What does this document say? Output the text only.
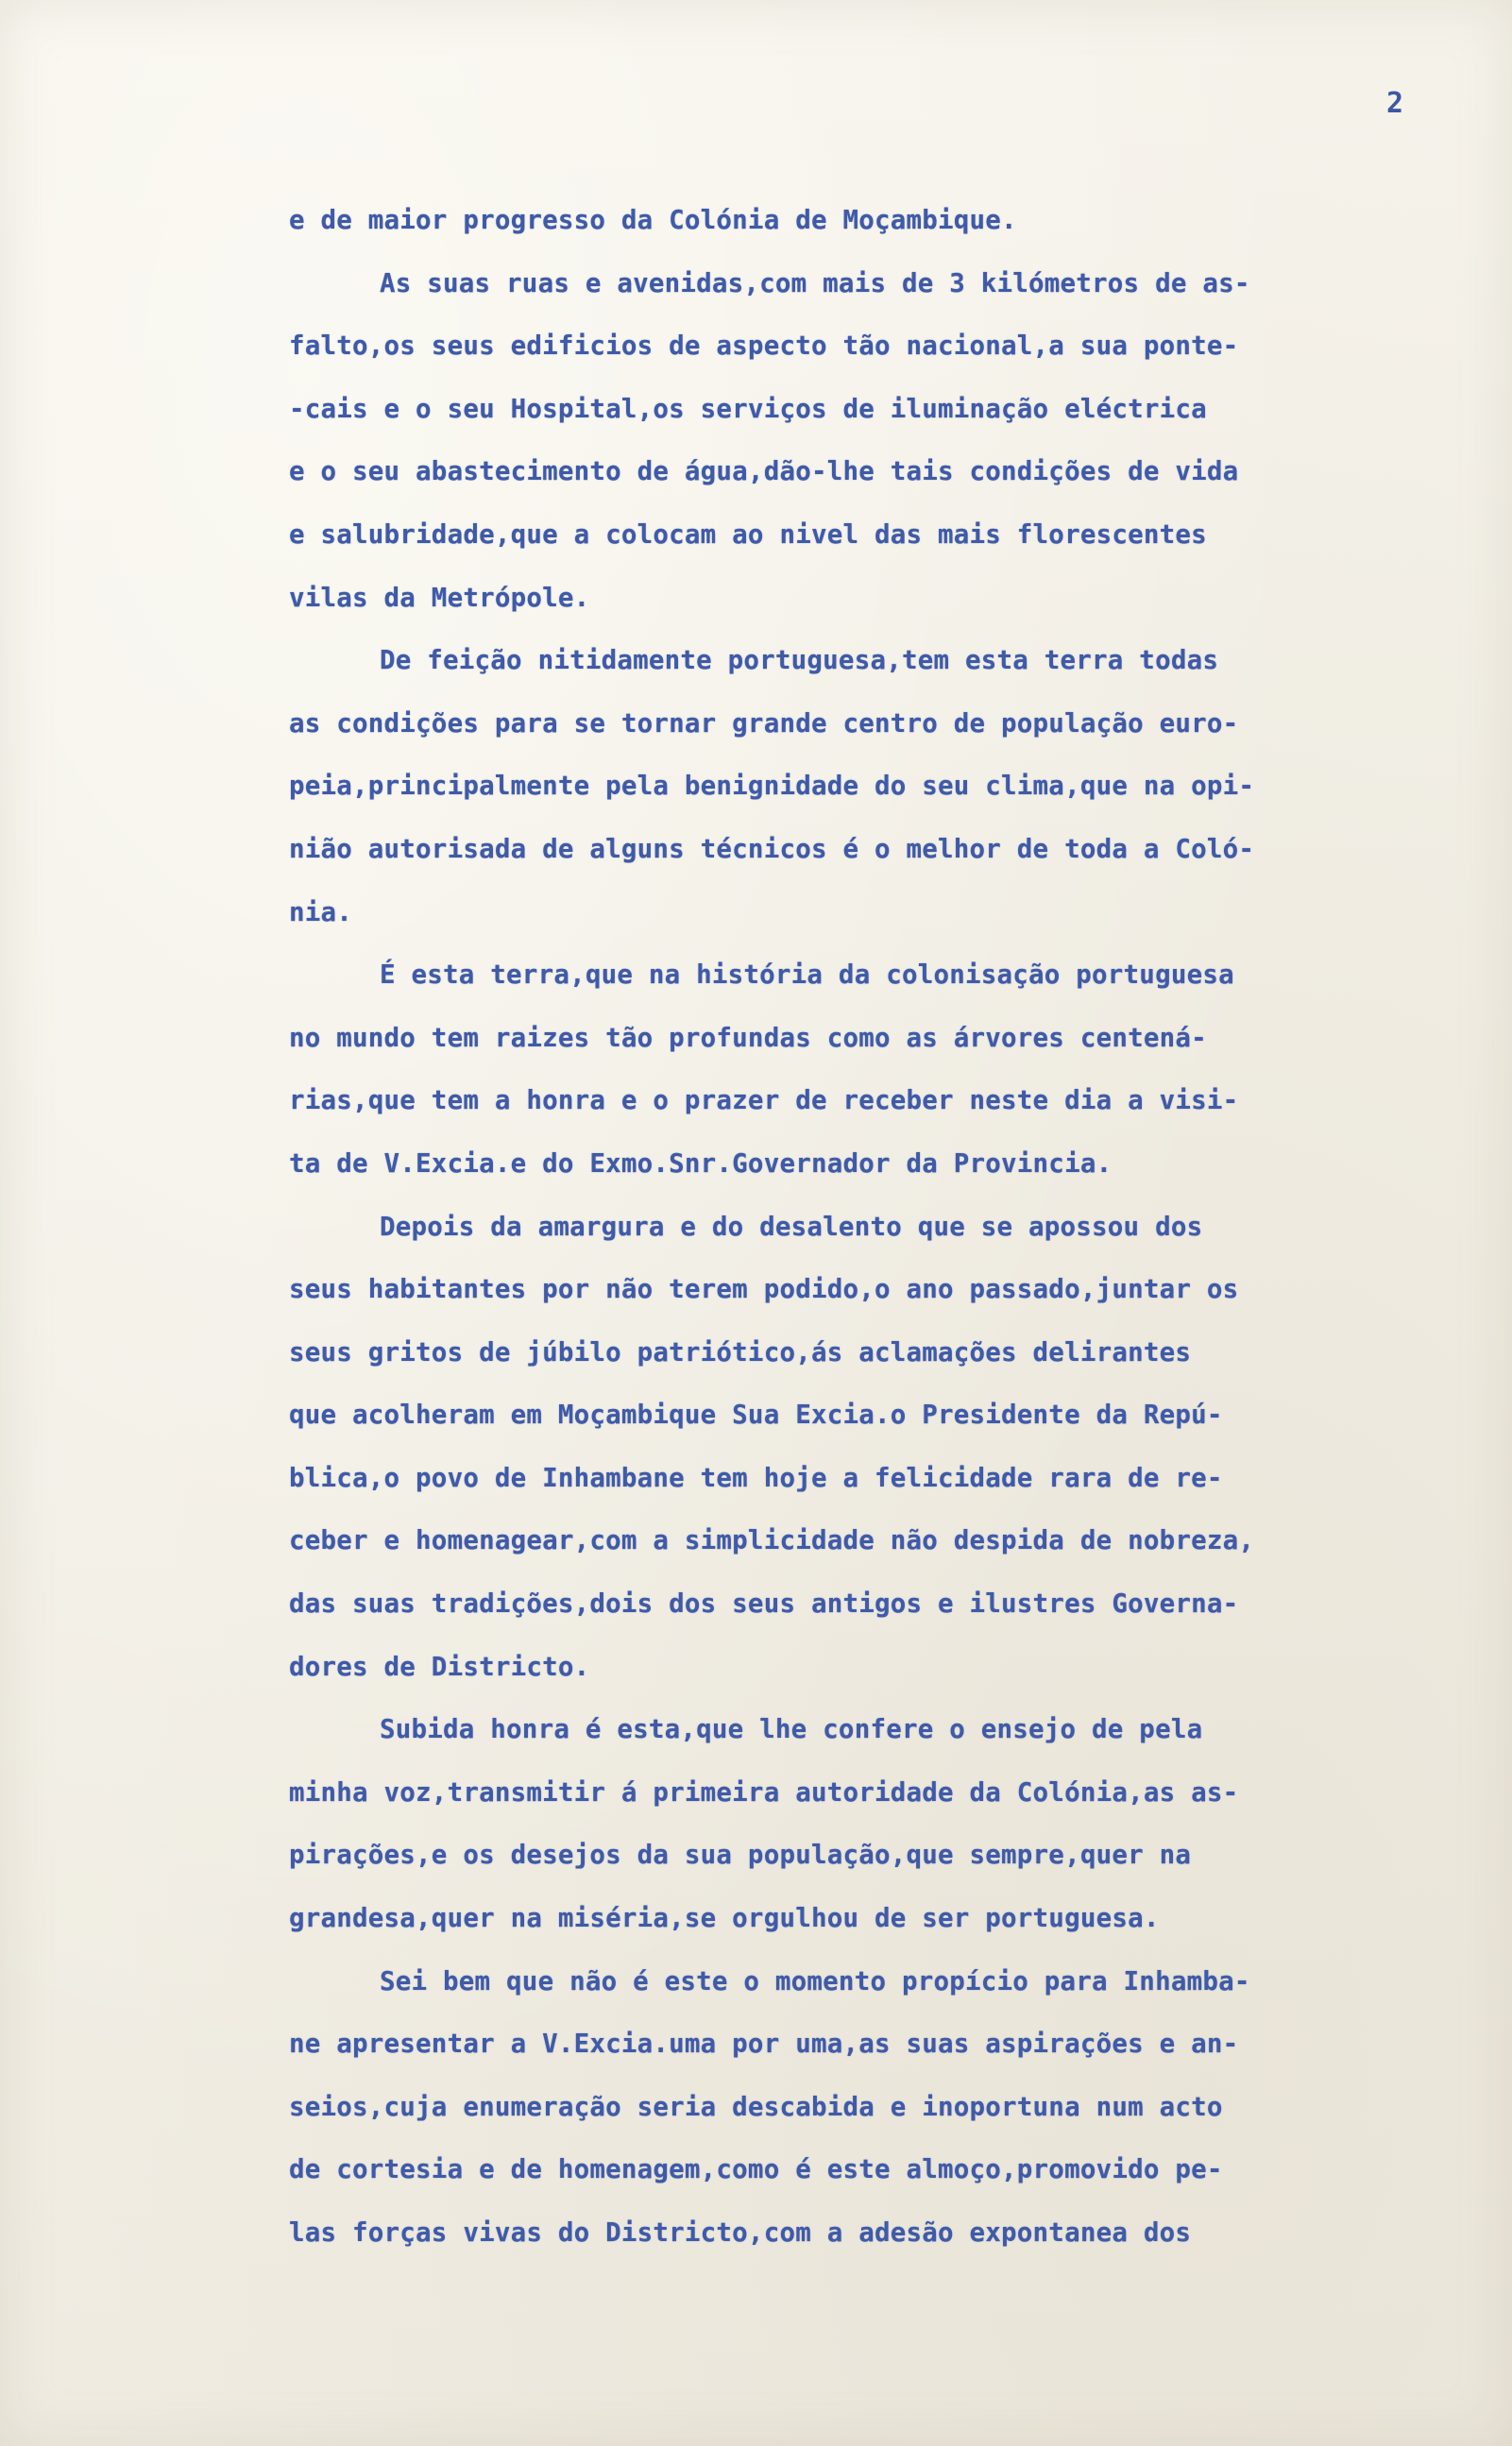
2
e de maior progresso da Colónia de Moçambique.
As suas ruas e avenidas,com mais de 3 kilómetros de as-
falto,os seus edificios de aspecto tão nacional,a sua ponte-
-cais e o seu Hospital,os serviços de iluminação eléctrica
e o seu abastecimento de água,dão-lhe tais condições de vida
e salubridade,que a colocam ao nivel das mais florescentes
vilas da Metrópole.
De feição nitidamente portuguesa,tem esta terra todas
as condições para se tornar grande centro de população euro-
peia,principalmente pela benignidade do seu clima,que na opi-
nião autorisada de alguns técnicos é o melhor de toda a Coló-
nia.
É esta terra,que na história da colonisação portuguesa
no mundo tem raizes tão profundas como as árvores centená-
rias,que tem a honra e o prazer de receber neste dia a visi-
ta de V.Excia.e do Exmo.Snr.Governador da Provincia.
Depois da amargura e do desalento que se apossou dos
seus habitantes por não terem podido,o ano passado,juntar os
seus gritos de júbilo patriótico,ás aclamações delirantes
que acolheram em Moçambique Sua Excia.o Presidente da Repú-
blica,o povo de Inhambane tem hoje a felicidade rara de re-
ceber e homenagear,com a simplicidade não despida de nobreza,
das suas tradições,dois dos seus antigos e ilustres Governa-
dores de Districto.
Subida honra é esta,que lhe confere o ensejo de pela
minha voz,transmitir á primeira autoridade da Colónia,as as-
pirações,e os desejos da sua população,que sempre,quer na
grandesa,quer na miséria,se orgulhou de ser portuguesa.
Sei bem que não é este o momento propício para Inhamba-
ne apresentar a V.Excia.uma por uma,as suas aspirações e an-
seios,cuja enumeração seria descabida e inoportuna num acto
de cortesia e de homenagem,como é este almoço,promovido pe-
las forças vivas do Districto,com a adesão expontanea dos
